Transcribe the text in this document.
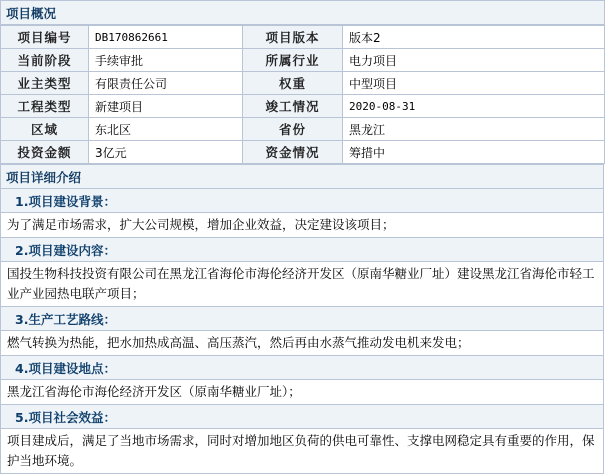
项目概况
项目编号	DB170862661	项目版本	版本2
当前阶段	手续审批	所属行业	电力项目
业主类型	有限责任公司	权重	中型项目
工程类型	新建项目	竣工情况	2020-08-31
区域	东北区	省份	黑龙江
投资金额	3亿元	资金情况	筹措中
项目详细介绍
1.项目建设背景：
为了满足市场需求，扩大公司规模，增加企业效益，决定建设该项目；
2.项目建设内容：
国投生物科技投资有限公司在黑龙江省海伦市海伦经济开发区（原南华糖业厂址）建设黑龙江省海伦市轻工业产业园热电联产项目；
3.生产工艺路线：
燃气转换为热能，把水加热成高温、高压蒸汽，然后再由水蒸气推动发电机来发电；
4.项目建设地点：
黑龙江省海伦市海伦经济开发区（原南华糖业厂址）；
5.项目社会效益：
项目建成后，满足了当地市场需求，同时对增加地区负荷的供电可靠性、支撑电网稳定具有重要的作用，保护当地环境。
